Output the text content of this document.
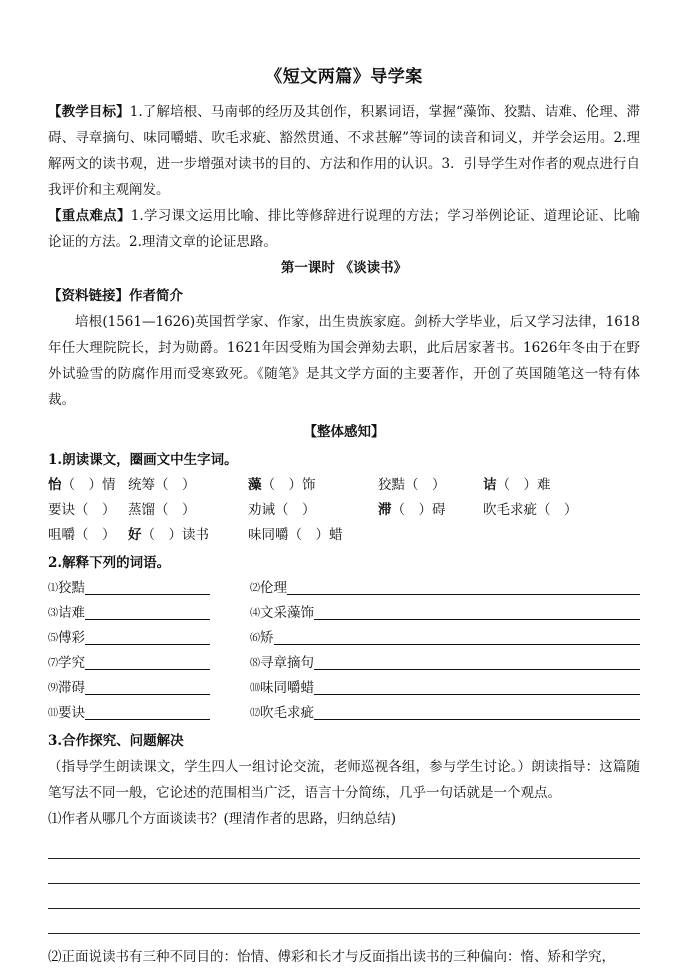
《短文两篇》导学案

【教学目标】1.了解培根、马南邨的经历及其创作，积累词语，掌握“藻饰、狡黠、诘难、伦理、滞碍、寻章摘句、味同嚼蜡、吹毛求疵、豁然贯通、不求甚解”等词的读音和词义，并学会运用。2.理解两文的读书观，进一步增强对读书的目的、方法和作用的认识。3．引导学生对作者的观点进行自我评价和主观阐发。

【重点难点】1.学习课文运用比喻、排比等修辞进行说理的方法；学习举例论证、道理论证、比喻论证的方法。2.理清文章的论证思路。

第一课时 《谈读书》
【资料链接】作者简介

培根(1561—1626)英国哲学家、作家，出生贵族家庭。剑桥大学毕业，后又学习法律，1618年任大理院院长，封为勋爵。1621年因受贿为国会弹劾去职，此后居家著书。1626年冬由于在野外试验雪的防腐作用而受寒致死。《随笔》是其文学方面的主要著作，开创了英国随笔这一特有体裁。

【整体感知】
1.朗读课文，圈画文中生字词。
怡（　）情 统筹（　）	藻（　）饰	狡黠（　）	诘（　）难
要诀（　） 蒸馏（　）	劝诫（　）	滞（　）碍	吹毛求疵（　）
咀嚼（　） 好（　）读书	味同嚼（　）蜡
2.解释下列的词语。
⑴ 狡黠	⑵ 伦理
⑶ 诘难	⑷ 文采藻饰
⑸ 傅彩	⑹ 矫
⑺ 学究	⑻ 寻章摘句
⑼ 滞碍	⑽ 味同嚼蜡
⑾ 要诀	⑿ 吹毛求疵
3.合作探究、问题解决

（指导学生朗读课文，学生四人一组讨论交流，老师巡视各组，参与学生讨论。）朗读指导：这篇随笔写法不同一般，它论述的范围相当广泛，语言十分简练，几乎一句话就是一个观点。

⑴作者从哪几个方面谈读书？(理清作者的思路，归纳总结)

⑵正面说读书有三种不同目的：怡情、傅彩和长才与反面指出读书的三种偏向：惰、矫和学究，
